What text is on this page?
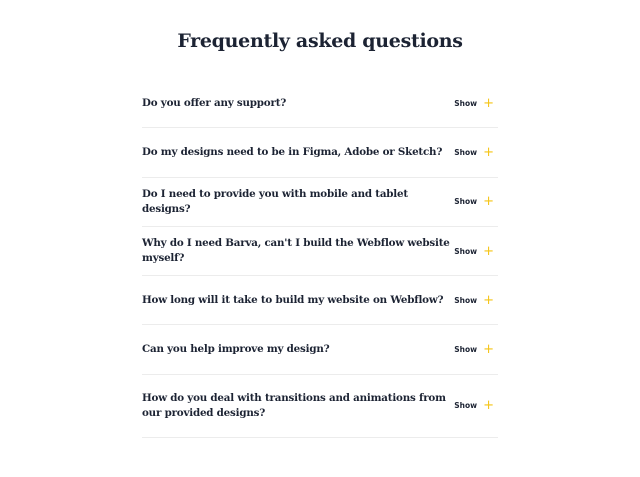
Frequently asked questions
Do you offer any support?	Show +
Do my designs need to be in Figma, Adobe or Sketch? Show +
Do I need to provide you with mobile and tablet designs?
Show +
Why do I need Barva, can't I build the Webflow website myself?
Show +
How long will it take to build my website on Webflow? Show +
Can you help improve my design?	Show +
How do you deal with transitions and animations from our provided designs?
Show +
